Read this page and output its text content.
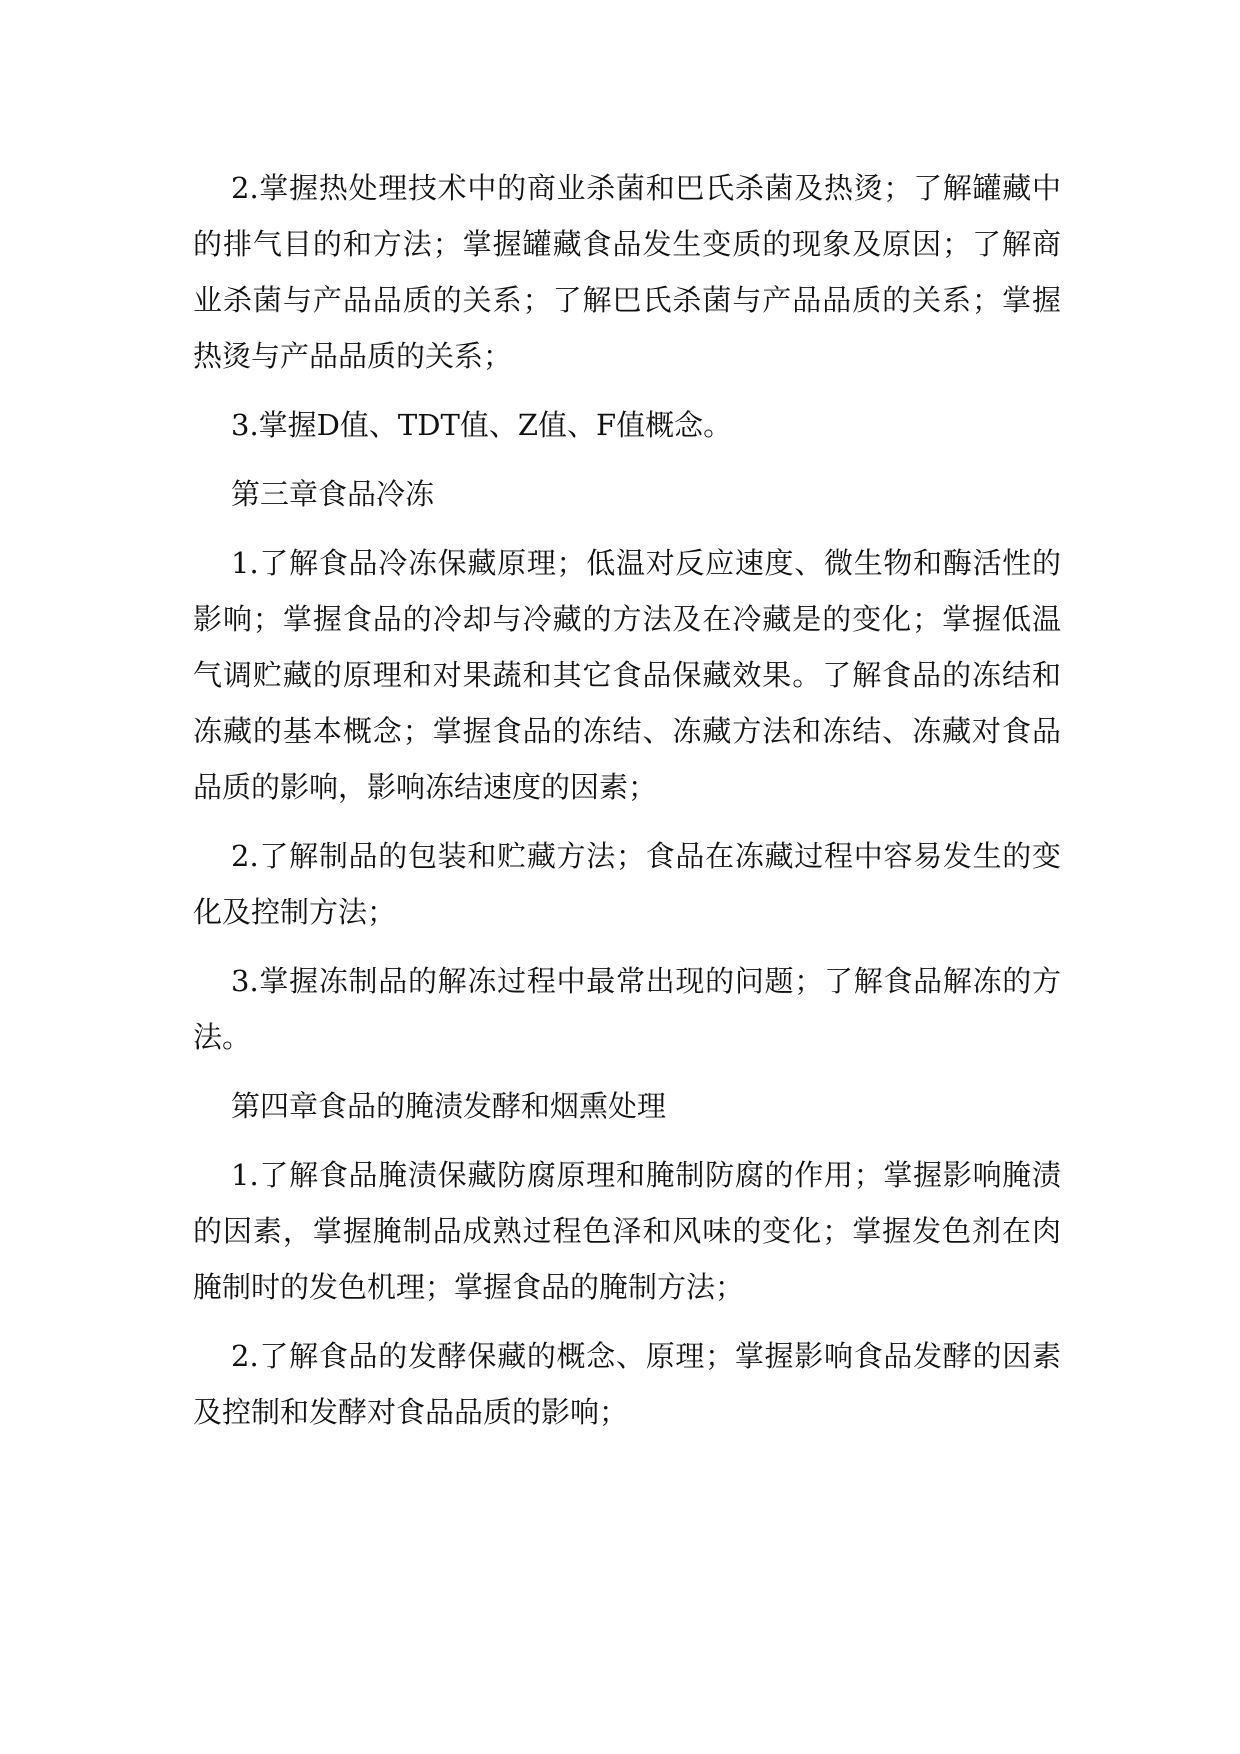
2.掌握热处理技术中的商业杀菌和巴氏杀菌及热烫；了解罐藏中的排气目的和方法；掌握罐藏食品发生变质的现象及原因；了解商业杀菌与产品品质的关系；了解巴氏杀菌与产品品质的关系；掌握热烫与产品品质的关系；

3.掌握D值、TDT值、Z值、F值概念。

第三章食品冷冻

1.了解食品冷冻保藏原理；低温对反应速度、微生物和酶活性的影响；掌握食品的冷却与冷藏的方法及在冷藏是的变化；掌握低温气调贮藏的原理和对果蔬和其它食品保藏效果。了解食品的冻结和冻藏的基本概念；掌握食品的冻结、冻藏方法和冻结、冻藏对食品品质的影响，影响冻结速度的因素；

2.了解制品的包装和贮藏方法；食品在冻藏过程中容易发生的变化及控制方法；

3.掌握冻制品的解冻过程中最常出现的问题；了解食品解冻的方法。

第四章食品的腌渍发酵和烟熏处理

1.了解食品腌渍保藏防腐原理和腌制防腐的作用；掌握影响腌渍的因素，掌握腌制品成熟过程色泽和风味的变化；掌握发色剂在肉腌制时的发色机理；掌握食品的腌制方法；

2.了解食品的发酵保藏的概念、原理；掌握影响食品发酵的因素及控制和发酵对食品品质的影响；
